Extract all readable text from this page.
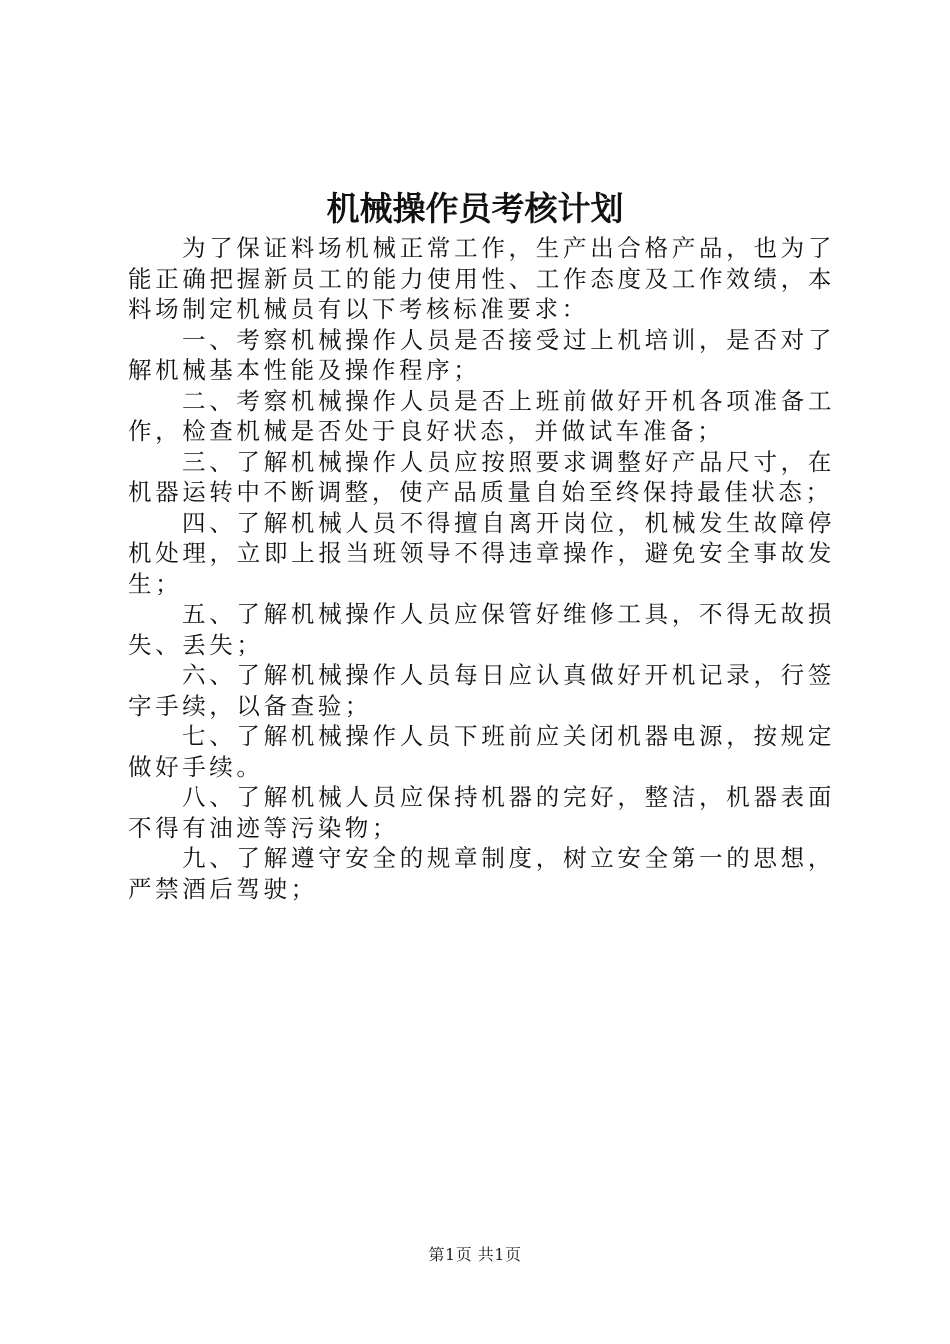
机械操作员考核计划

为了保证料场机械正常工作，生产出合格产品，也为了能正确把握新员工的能力使用性、工作态度及工作效绩，本料场制定机械员有以下考核标准要求：

一、考察机械操作人员是否接受过上机培训，是否对了解机械基本性能及操作程序；

二、考察机械操作人员是否上班前做好开机各项准备工作，检查机械是否处于良好状态，并做试车准备；

三、了解机械操作人员应按照要求调整好产品尺寸，在机器运转中不断调整，使产品质量自始至终保持最佳状态；

四、了解机械人员不得擅自离开岗位，机械发生故障停机处理，立即上报当班领导不得违章操作，避免安全事故发生；

五、了解机械操作人员应保管好维修工具，不得无故损失、丢失；

六、了解机械操作人员每日应认真做好开机记录，行签字手续，以备查验；

七、了解机械操作人员下班前应关闭机器电源，按规定做好手续。

八、了解机械人员应保持机器的完好，整洁，机器表面不得有油迹等污染物；

九、了解遵守安全的规章制度，树立安全第一的思想，严禁酒后驾驶；

第1页 共1页
